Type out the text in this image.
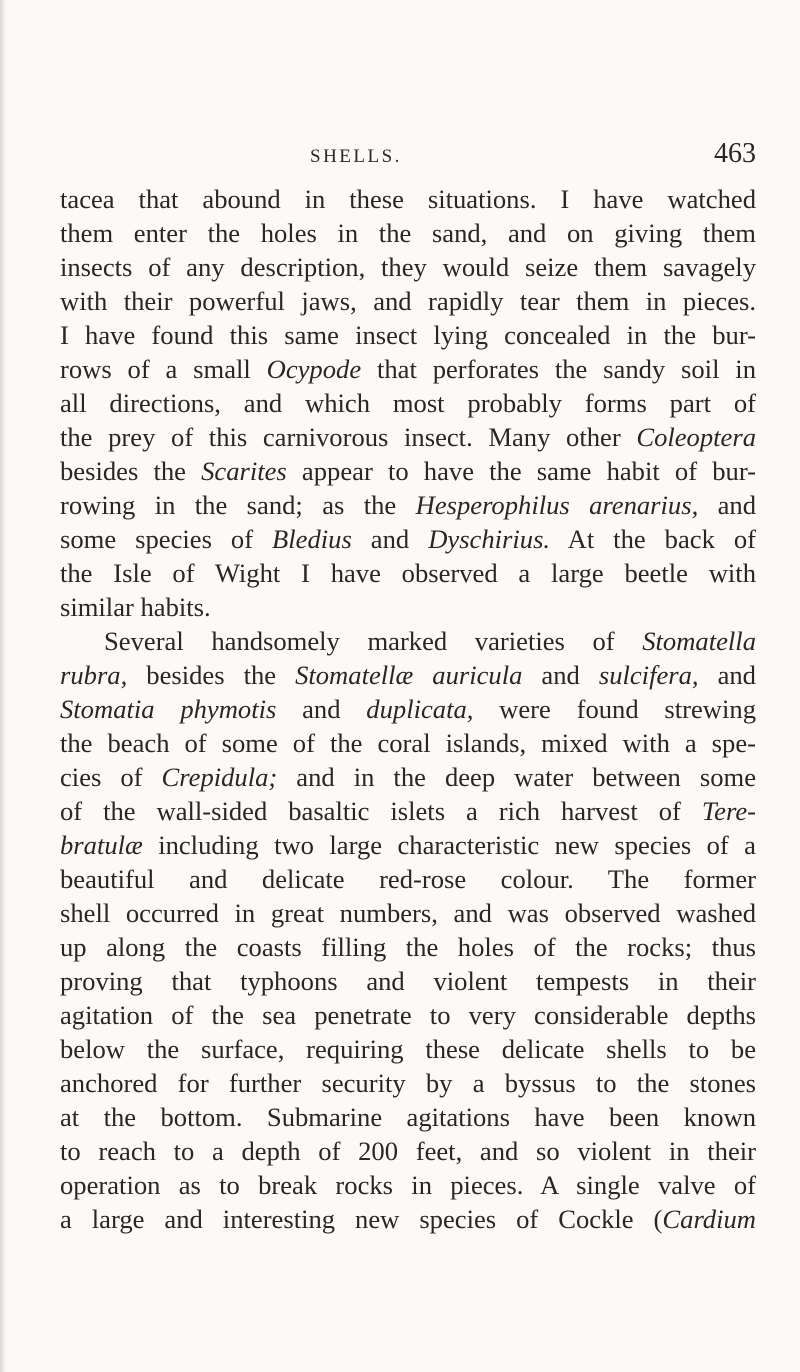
SHELLS.	463
tacea that abound in these situations. I have watched
them enter the holes in the sand, and on giving them
insects of any description, they would seize them savagely
with their powerful jaws, and rapidly tear them in pieces.
I have found this same insect lying concealed in the bur-
rows of a small Ocypode that perforates the sandy soil in
all directions, and which most probably forms part of
the prey of this carnivorous insect. Many other Coleoptera
besides the Scarites appear to have the same habit of bur-
rowing in the sand; as the Hesperophilus arenarius, and
some species of Bledius and Dyschirius. At the back of
the Isle of Wight I have observed a large beetle with
similar habits.
Several handsomely marked varieties of Stomatella
rubra, besides the Stomatellæ auricula and sulcifera, and
Stomatia phymotis and duplicata, were found strewing
the beach of some of the coral islands, mixed with a spe-
cies of Crepidula; and in the deep water between some
of the wall-sided basaltic islets a rich harvest of Tere-
bratulæ including two large characteristic new species of a
beautiful and delicate red-rose colour. The former
shell occurred in great numbers, and was observed washed
up along the coasts filling the holes of the rocks; thus
proving that typhoons and violent tempests in their
agitation of the sea penetrate to very considerable depths
below the surface, requiring these delicate shells to be
anchored for further security by a byssus to the stones
at the bottom. Submarine agitations have been known
to reach to a depth of 200 feet, and so violent in their
operation as to break rocks in pieces. A single valve of
a large and interesting new species of Cockle (Cardium
